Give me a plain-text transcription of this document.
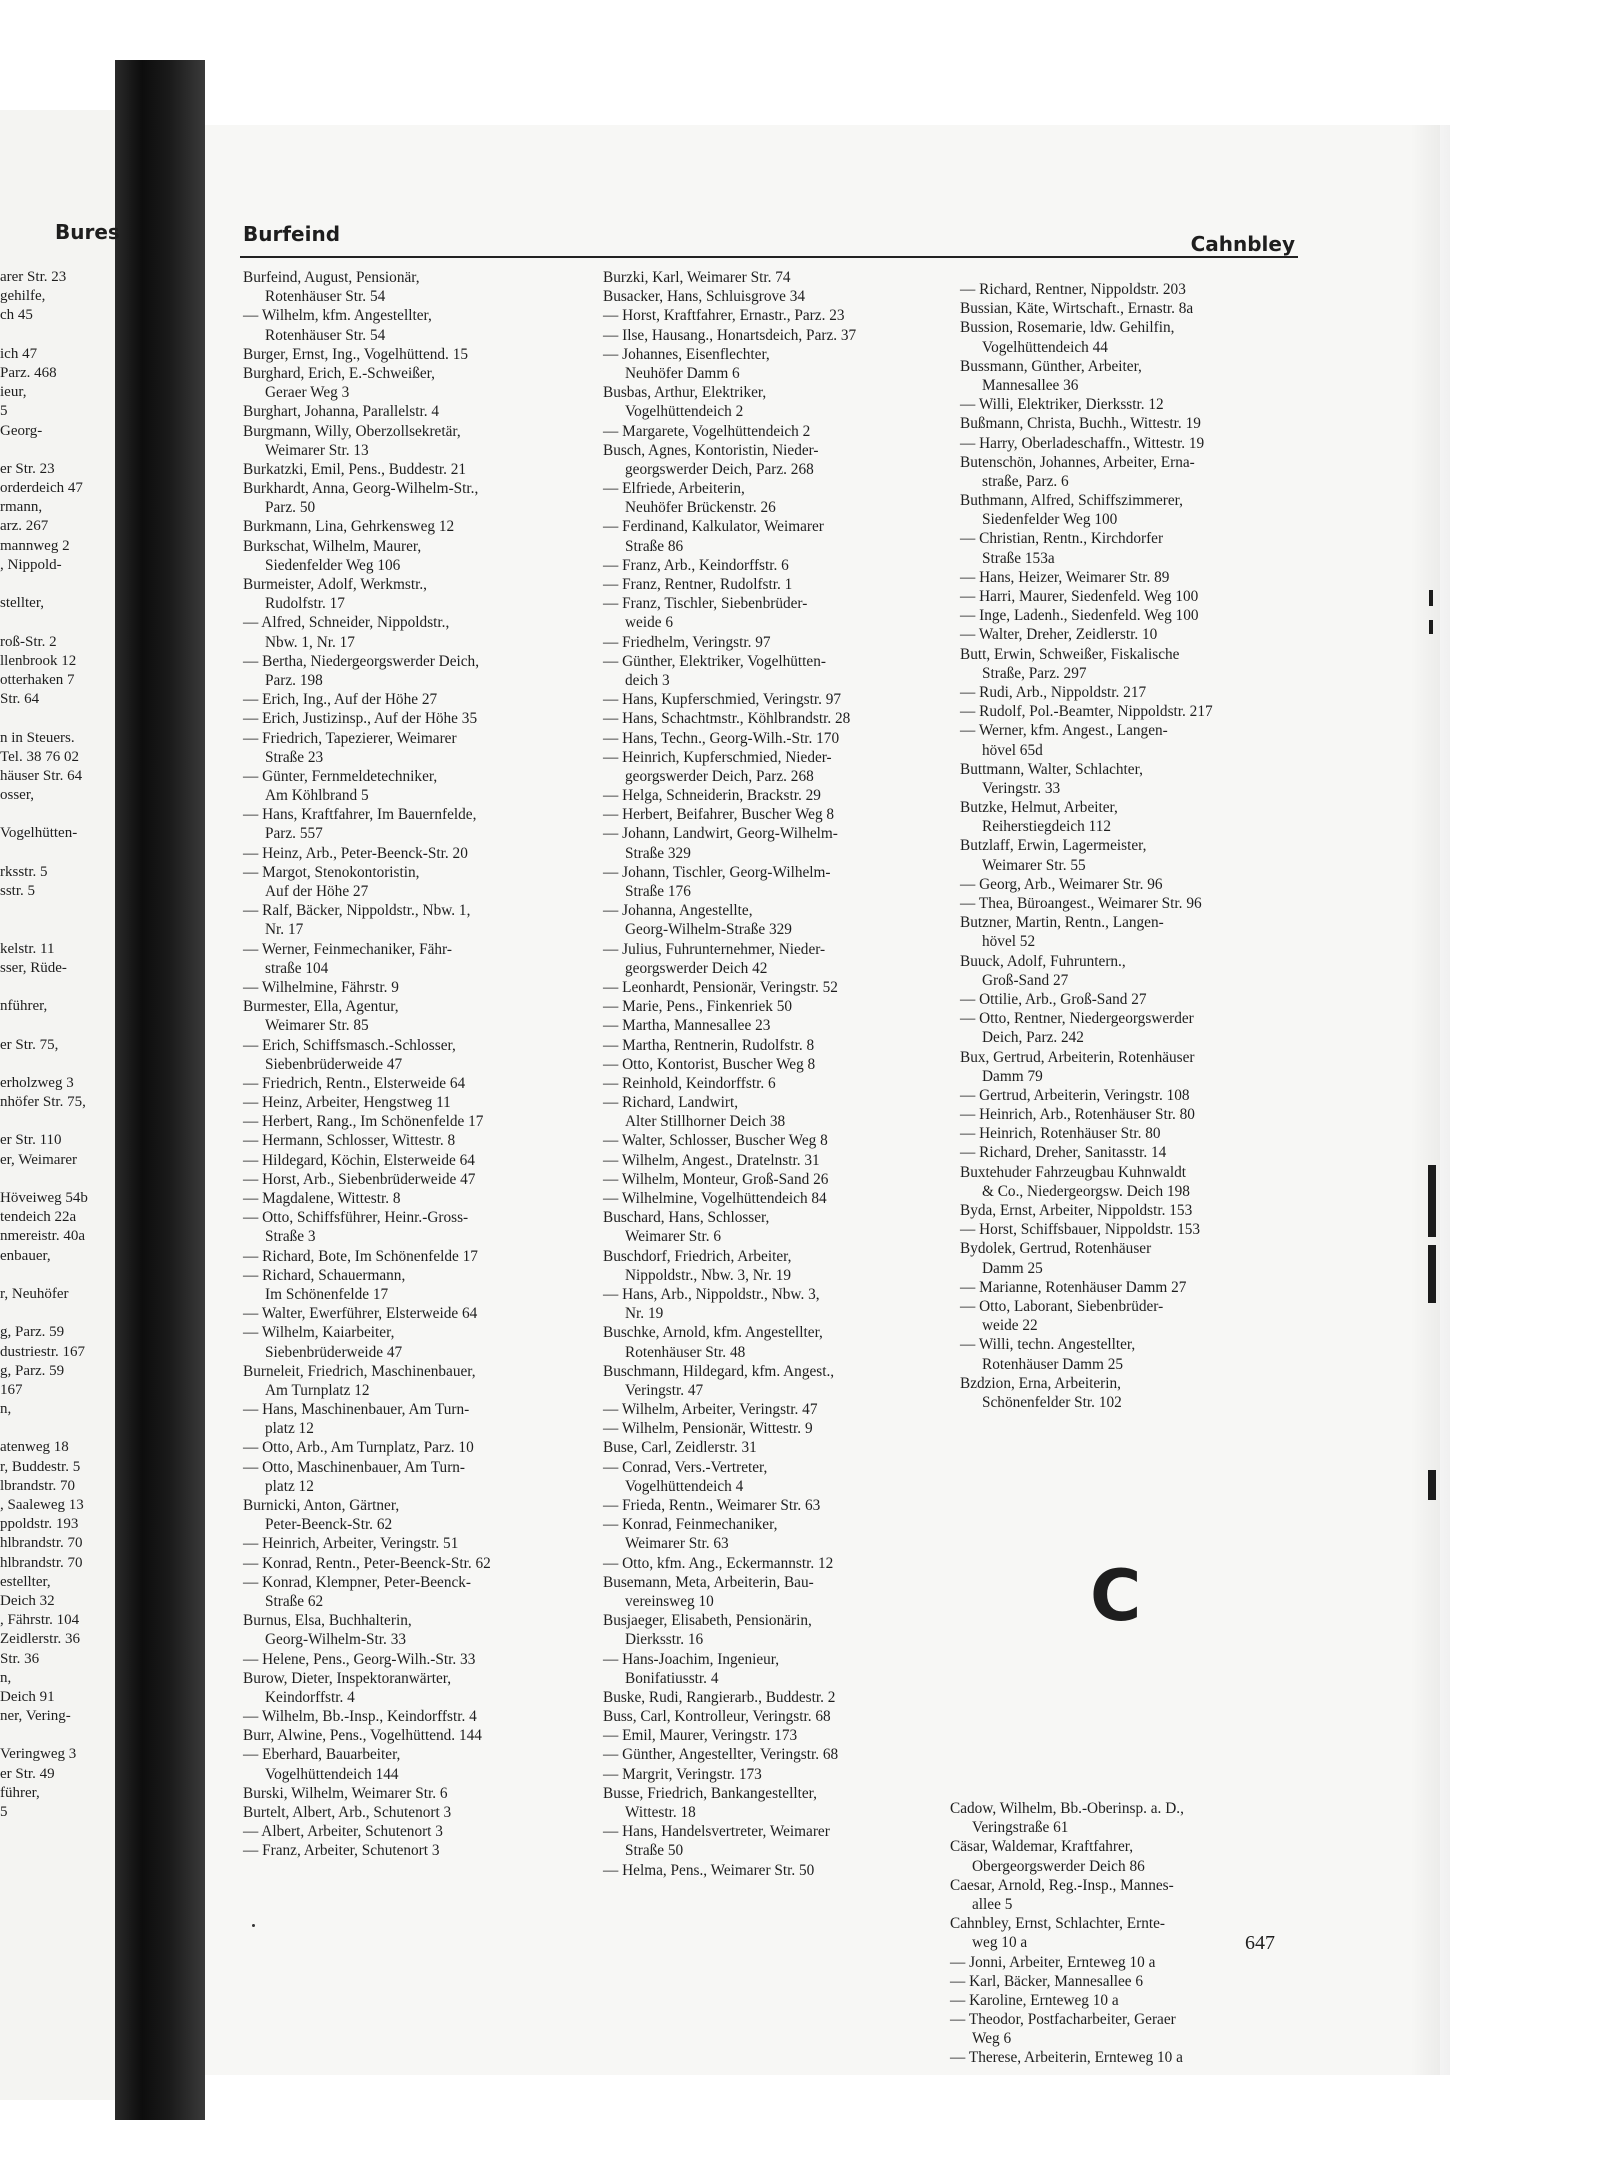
Bures	Burfeind	Cahnbley
arer Str. 23
gehilfe,
ch 45
ich 47
Parz. 468
ieur,
5
Georg-
er Str. 23
orderdeich 47
rmann,
arz. 267
mannweg 2
, Nippold-
stellter,
roß-Str. 2
llenbrook 12
otterhaken 7
Str. 64
n in Steuers.
Tel. 38 76 02
häuser Str. 64
osser,
Vogelhütten-
rksstr. 5
sstr. 5
kelstr. 11
sser, Rüde-
nführer,
er Str. 75,
erholzweg 3
nhöfer Str. 75,
er Str. 110
er, Weimarer
Höveiweg 54b
tendeich 22a
nmereistr. 40a
enbauer,
r, Neuhöfer
g, Parz. 59
dustriestr. 167
g, Parz. 59
167
n,
atenweg 18
r, Buddestr. 5
lbrandstr. 70
, Saaleweg 13
ppoldstr. 193
hlbrandstr. 70
hlbrandstr. 70
estellter,
Deich 32
, Fährstr. 104
Zeidlerstr. 36
Str. 36
n,
Deich 91
ner, Vering-
Veringweg 3
er Str. 49
führer,
5
Burfeind, August, Pensionär,
Rotenhäuser Str. 54
— Wilhelm, kfm. Angestellter,
Rotenhäuser Str. 54
Burger, Ernst, Ing., Vogelhüttend. 15
Burghard, Erich, E.-Schweißer,
Geraer Weg 3
Burghart, Johanna, Parallelstr. 4
Burgmann, Willy, Oberzollsekretär,
Weimarer Str. 13
Burkatzki, Emil, Pens., Buddestr. 21
Burkhardt, Anna, Georg-Wilhelm-Str.,
Parz. 50
Burkmann, Lina, Gehrkensweg 12
Burkschat, Wilhelm, Maurer,
Siedenfelder Weg 106
Burmeister, Adolf, Werkmstr.,
Rudolfstr. 17
— Alfred, Schneider, Nippoldstr.,
Nbw. 1, Nr. 17
— Bertha, Niedergeorgswerder Deich,
Parz. 198
— Erich, Ing., Auf der Höhe 27
— Erich, Justizinsp., Auf der Höhe 35
— Friedrich, Tapezierer, Weimarer
Straße 23
— Günter, Fernmeldetechniker,
Am Köhlbrand 5
— Hans, Kraftfahrer, Im Bauernfelde,
Parz. 557
— Heinz, Arb., Peter-Beenck-Str. 20
— Margot, Stenokontoristin,
Auf der Höhe 27
— Ralf, Bäcker, Nippoldstr., Nbw. 1,
Nr. 17
— Werner, Feinmechaniker, Fähr-
straße 104
— Wilhelmine, Fährstr. 9
Burmester, Ella, Agentur,
Weimarer Str. 85
— Erich, Schiffsmasch.-Schlosser,
Siebenbrüderweide 47
— Friedrich, Rentn., Elsterweide 64
— Heinz, Arbeiter, Hengstweg 11
— Herbert, Rang., Im Schönenfelde 17
— Hermann, Schlosser, Wittestr. 8
— Hildegard, Köchin, Elsterweide 64
— Horst, Arb., Siebenbrüderweide 47
— Magdalene, Wittestr. 8
— Otto, Schiffsführer, Heinr.-Gross-
Straße 3
— Richard, Bote, Im Schönenfelde 17
— Richard, Schauermann,
Im Schönenfelde 17
— Walter, Ewerführer, Elsterweide 64
— Wilhelm, Kaiarbeiter,
Siebenbrüderweide 47
Burneleit, Friedrich, Maschinenbauer,
Am Turnplatz 12
— Hans, Maschinenbauer, Am Turn-
platz 12
— Otto, Arb., Am Turnplatz, Parz. 10
— Otto, Maschinenbauer, Am Turn-
platz 12
Burnicki, Anton, Gärtner,
Peter-Beenck-Str. 62
— Heinrich, Arbeiter, Veringstr. 51
— Konrad, Rentn., Peter-Beenck-Str. 62
— Konrad, Klempner, Peter-Beenck-
Straße 62
Burnus, Elsa, Buchhalterin,
Georg-Wilhelm-Str. 33
— Helene, Pens., Georg-Wilh.-Str. 33
Burow, Dieter, Inspektoranwärter,
Keindorffstr. 4
— Wilhelm, Bb.-Insp., Keindorffstr. 4
Burr, Alwine, Pens., Vogelhüttend. 144
— Eberhard, Bauarbeiter,
Vogelhüttendeich 144
Burski, Wilhelm, Weimarer Str. 6
Burtelt, Albert, Arb., Schutenort 3
— Albert, Arbeiter, Schutenort 3
— Franz, Arbeiter, Schutenort 3
Burzki, Karl, Weimarer Str. 74
Busacker, Hans, Schluisgrove 34
— Horst, Kraftfahrer, Ernastr., Parz. 23
— Ilse, Hausang., Honartsdeich, Parz. 37
— Johannes, Eisenflechter,
Neuhöfer Damm 6
Busbas, Arthur, Elektriker,
Vogelhüttendeich 2
— Margarete, Vogelhüttendeich 2
Busch, Agnes, Kontoristin, Nieder-
georgswerder Deich, Parz. 268
— Elfriede, Arbeiterin,
Neuhöfer Brückenstr. 26
— Ferdinand, Kalkulator, Weimarer
Straße 86
— Franz, Arb., Keindorffstr. 6
— Franz, Rentner, Rudolfstr. 1
— Franz, Tischler, Siebenbrüder-
weide 6
— Friedhelm, Veringstr. 97
— Günther, Elektriker, Vogelhütten-
deich 3
— Hans, Kupferschmied, Veringstr. 97
— Hans, Schachtmstr., Köhlbrandstr. 28
— Hans, Techn., Georg-Wilh.-Str. 170
— Heinrich, Kupferschmied, Nieder-
georgswerder Deich, Parz. 268
— Helga, Schneiderin, Brackstr. 29
— Herbert, Beifahrer, Buscher Weg 8
— Johann, Landwirt, Georg-Wilhelm-
Straße 329
— Johann, Tischler, Georg-Wilhelm-
Straße 176
— Johanna, Angestellte,
Georg-Wilhelm-Straße 329
— Julius, Fuhrunternehmer, Nieder-
georgswerder Deich 42
— Leonhardt, Pensionär, Veringstr. 52
— Marie, Pens., Finkenriek 50
— Martha, Mannesallee 23
— Martha, Rentnerin, Rudolfstr. 8
— Otto, Kontorist, Buscher Weg 8
— Reinhold, Keindorffstr. 6
— Richard, Landwirt,
Alter Stillhorner Deich 38
— Walter, Schlosser, Buscher Weg 8
— Wilhelm, Angest., Dratelnstr. 31
— Wilhelm, Monteur, Groß-Sand 26
— Wilhelmine, Vogelhüttendeich 84
Buschard, Hans, Schlosser,
Weimarer Str. 6
Buschdorf, Friedrich, Arbeiter,
Nippoldstr., Nbw. 3, Nr. 19
— Hans, Arb., Nippoldstr., Nbw. 3,
Nr. 19
Buschke, Arnold, kfm. Angestellter,
Rotenhäuser Str. 48
Buschmann, Hildegard, kfm. Angest.,
Veringstr. 47
— Wilhelm, Arbeiter, Veringstr. 47
— Wilhelm, Pensionär, Wittestr. 9
Buse, Carl, Zeidlerstr. 31
— Conrad, Vers.-Vertreter,
Vogelhüttendeich 4
— Frieda, Rentn., Weimarer Str. 63
— Konrad, Feinmechaniker,
Weimarer Str. 63
— Otto, kfm. Ang., Eckermannstr. 12
Busemann, Meta, Arbeiterin, Bau-
vereinsweg 10
Busjaeger, Elisabeth, Pensionärin,
Dierksstr. 16
— Hans-Joachim, Ingenieur,
Bonifatiusstr. 4
Buske, Rudi, Rangierarb., Buddestr. 2
Buss, Carl, Kontrolleur, Veringstr. 68
— Emil, Maurer, Veringstr. 173
— Günther, Angestellter, Veringstr. 68
— Margrit, Veringstr. 173
Busse, Friedrich, Bankangestellter,
Wittestr. 18
— Hans, Handelsvertreter, Weimarer
Straße 50
— Helma, Pens., Weimarer Str. 50
— Richard, Rentner, Nippoldstr. 203
Bussian, Käte, Wirtschaft., Ernastr. 8a
Bussion, Rosemarie, ldw. Gehilfin,
Vogelhüttendeich 44
Bussmann, Günther, Arbeiter,
Mannesallee 36
— Willi, Elektriker, Dierksstr. 12
Bußmann, Christa, Buchh., Wittestr. 19
— Harry, Oberladeschaffn., Wittestr. 19
Butenschön, Johannes, Arbeiter, Erna-
straße, Parz. 6
Buthmann, Alfred, Schiffszimmerer,
Siedenfelder Weg 100
— Christian, Rentn., Kirchdorfer
Straße 153a
— Hans, Heizer, Weimarer Str. 89
— Harri, Maurer, Siedenfeld. Weg 100
— Inge, Ladenh., Siedenfeld. Weg 100
— Walter, Dreher, Zeidlerstr. 10
Butt, Erwin, Schweißer, Fiskalische
Straße, Parz. 297
— Rudi, Arb., Nippoldstr. 217
— Rudolf, Pol.-Beamter, Nippoldstr. 217
— Werner, kfm. Angest., Langen-
hövel 65d
Buttmann, Walter, Schlachter,
Veringstr. 33
Butzke, Helmut, Arbeiter,
Reiherstiegdeich 112
Butzlaff, Erwin, Lagermeister,
Weimarer Str. 55
— Georg, Arb., Weimarer Str. 96
— Thea, Büroangest., Weimarer Str. 96
Butzner, Martin, Rentn., Langen-
hövel 52
Buuck, Adolf, Fuhruntern.,
Groß-Sand 27
— Ottilie, Arb., Groß-Sand 27
— Otto, Rentner, Niedergeorgswerder
Deich, Parz. 242
Bux, Gertrud, Arbeiterin, Rotenhäuser
Damm 79
— Gertrud, Arbeiterin, Veringstr. 108
— Heinrich, Arb., Rotenhäuser Str. 80
— Heinrich, Rotenhäuser Str. 80
— Richard, Dreher, Sanitasstr. 14
Buxtehuder Fahrzeugbau Kuhnwaldt
& Co., Niedergeorgsw. Deich 198
Byda, Ernst, Arbeiter, Nippoldstr. 153
— Horst, Schiffsbauer, Nippoldstr. 153
Bydolek, Gertrud, Rotenhäuser
Damm 25
— Marianne, Rotenhäuser Damm 27
— Otto, Laborant, Siebenbrüder-
weide 22
— Willi, techn. Angestellter,
Rotenhäuser Damm 25
Bzdzion, Erna, Arbeiterin,
Schönenfelder Str. 102
C
Cadow, Wilhelm, Bb.-Oberinsp. a. D.,
Veringstraße 61
Cäsar, Waldemar, Kraftfahrer,
Obergeorgswerder Deich 86
Caesar, Arnold, Reg.-Insp., Mannes-
allee 5
Cahnbley, Ernst, Schlachter, Ernte-
weg 10 a
— Jonni, Arbeiter, Ernteweg 10 a
— Karl, Bäcker, Mannesallee 6
— Karoline, Ernteweg 10 a
— Theodor, Postfacharbeiter, Geraer
Weg 6
— Therese, Arbeiterin, Ernteweg 10 a
647
